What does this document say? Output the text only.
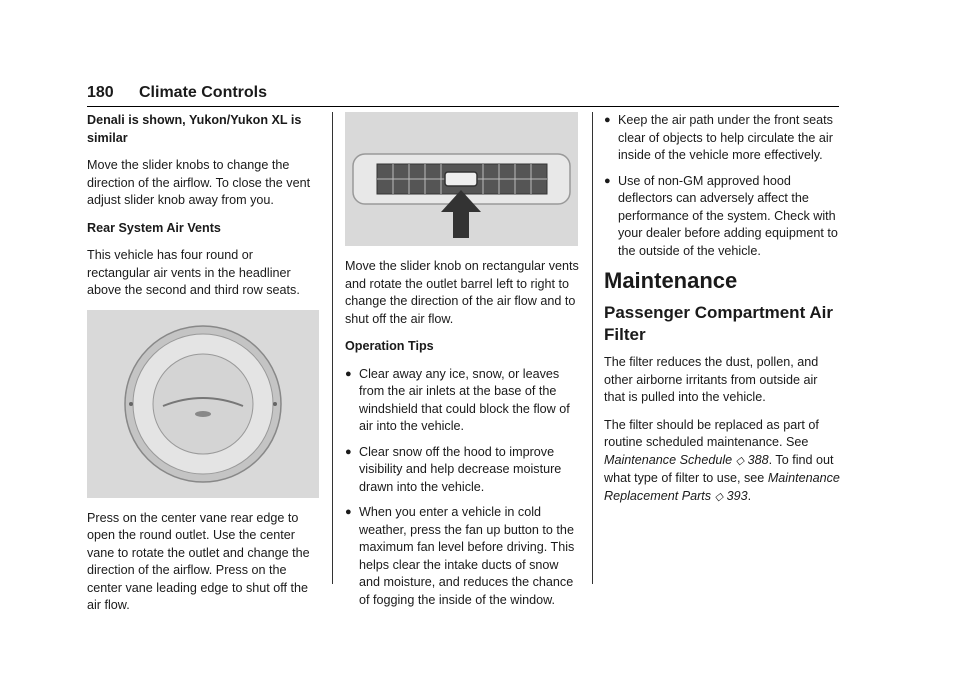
180 Climate Controls

Denali is shown, Yukon/Yukon XL is similar

Move the slider knobs to change the direction of the airflow. To close the vent adjust slider knob away from you.

Rear System Air Vents

This vehicle has four round or rectangular air vents in the headliner above the second and third row seats.

Press on the center vane rear edge to open the round outlet. Use the center vane to rotate the outlet and change the direction of the airflow. Press on the center vane leading edge to shut off the air flow.

Move the slider knob on rectangular vents and rotate the outlet barrel left to right to change the direction of the air flow and to shut off the air flow.

Operation Tips

● Clear away any ice, snow, or leaves from the air inlets at the base of the windshield that could block the flow of air into the vehicle.
● Clear snow off the hood to improve visibility and help decrease moisture drawn into the vehicle.
● When you enter a vehicle in cold weather, press the fan up button to the maximum fan level before driving. This helps clear the intake ducts of snow and moisture, and reduces the chance of fogging the inside of the window.
● Keep the air path under the front seats clear of objects to help circulate the air inside of the vehicle more effectively.
● Use of non-GM approved hood deflectors can adversely affect the performance of the system. Check with your dealer before adding equipment to the outside of the vehicle.
Maintenance
Passenger Compartment Air Filter

The filter reduces the dust, pollen, and other airborne irritants from outside air that is pulled into the vehicle.

The filter should be replaced as part of routine scheduled maintenance. See Maintenance Schedule ◇ 388. To find out what type of filter to use, see Maintenance Replacement Parts ◇ 393.
